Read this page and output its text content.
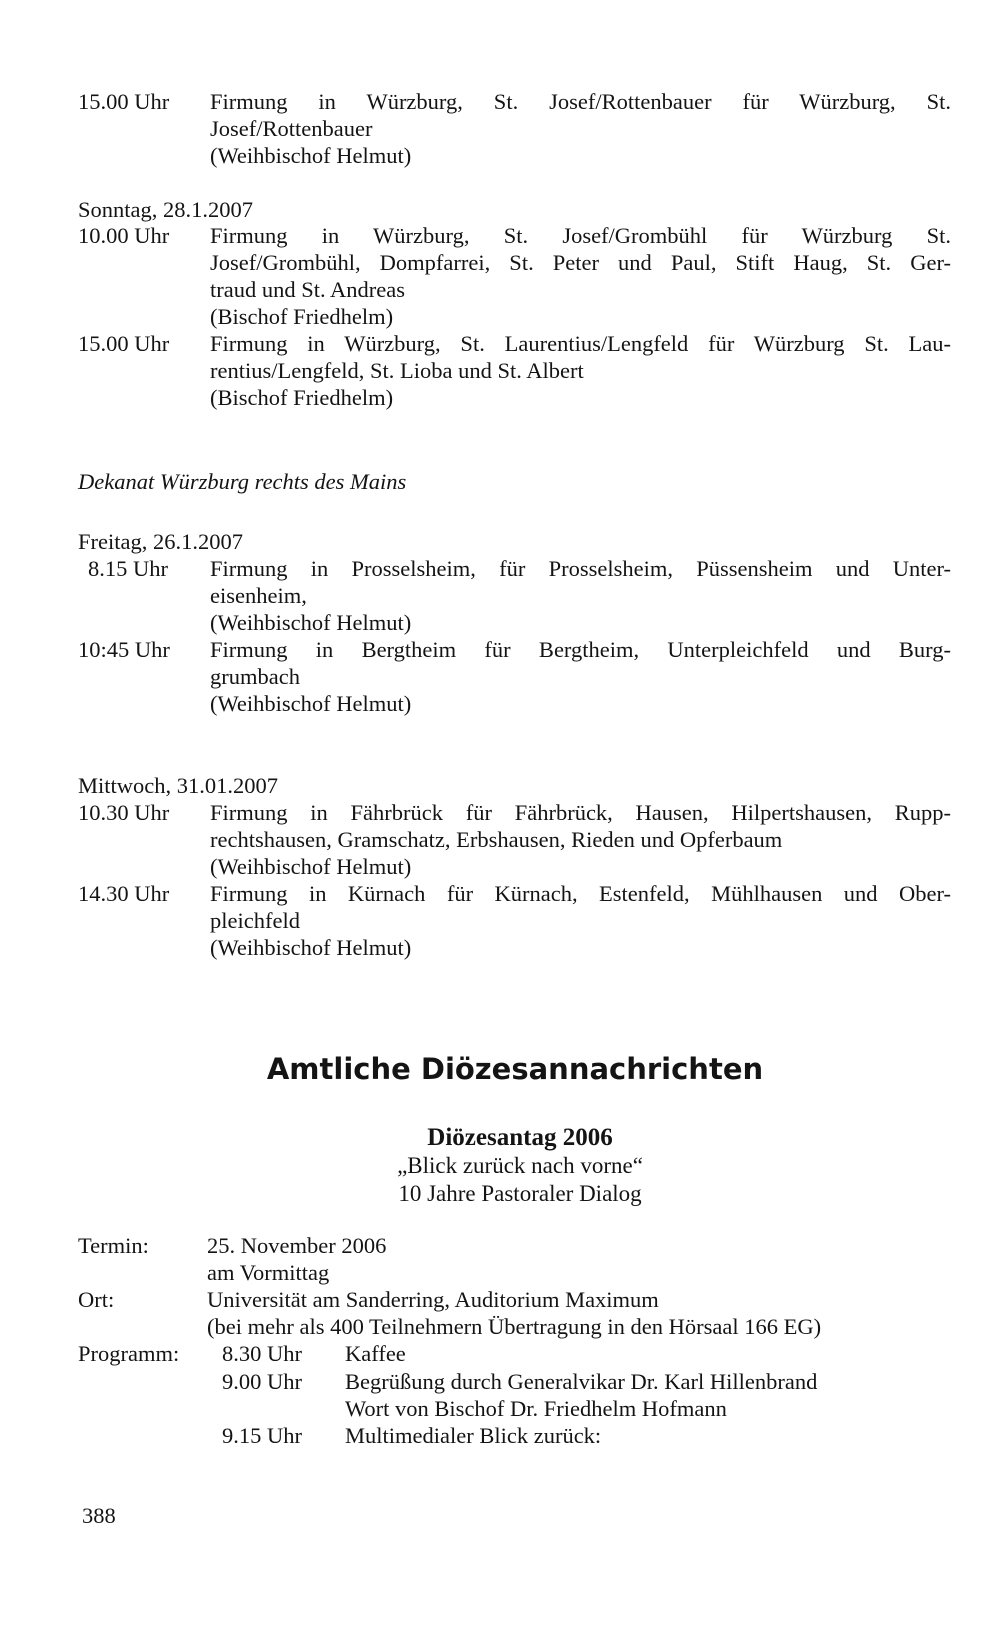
15.00 Uhr	Firmung in Würzburg, St. Josef/Rottenbauer für Würzburg, St.
Josef/Rottenbauer
(Weihbischof Helmut)
Sonntag, 28.1.2007
10.00 Uhr	Firmung in Würzburg, St. Josef/Grombühl für Würzburg St.
Josef/Grombühl, Dompfarrei, St. Peter und Paul, Stift Haug, St. Ger-
traud und St. Andreas
(Bischof Friedhelm)
15.00 Uhr	Firmung in Würzburg, St. Laurentius/Lengfeld für Würzburg St. Lau-
rentius/Lengfeld, St. Lioba und St. Albert
(Bischof Friedhelm)
Dekanat Würzburg rechts des Mains
Freitag, 26.1.2007
8.15 Uhr	Firmung in Prosselsheim, für Prosselsheim, Püssensheim und Unter-
eisenheim,
(Weihbischof Helmut)
10:45 Uhr	Firmung in Bergtheim für Bergtheim, Unterpleichfeld und Burg-
grumbach
(Weihbischof Helmut)
Mittwoch, 31.01.2007
10.30 Uhr	Firmung in Fährbrück für Fährbrück, Hausen, Hilpertshausen, Rupp-
rechtshausen, Gramschatz, Erbshausen, Rieden und Opferbaum
(Weihbischof Helmut)
14.30 Uhr	Firmung in Kürnach für Kürnach, Estenfeld, Mühlhausen und Ober-
pleichfeld
(Weihbischof Helmut)
Amtliche Diözesannachrichten
Diözesantag 2006
„Blick zurück nach vorne“
10 Jahre Pastoraler Dialog
Termin:	25. November 2006
am Vormittag
Ort:	Universität am Sanderring, Auditorium Maximum
(bei mehr als 400 Teilnehmern Übertragung in den Hörsaal 166 EG)
Programm: 8.30 Uhr Kaffee
9.00 Uhr Begrüßung durch Generalvikar Dr. Karl Hillenbrand
Wort von Bischof Dr. Friedhelm Hofmann
9.15 Uhr Multimedialer Blick zurück:
388
